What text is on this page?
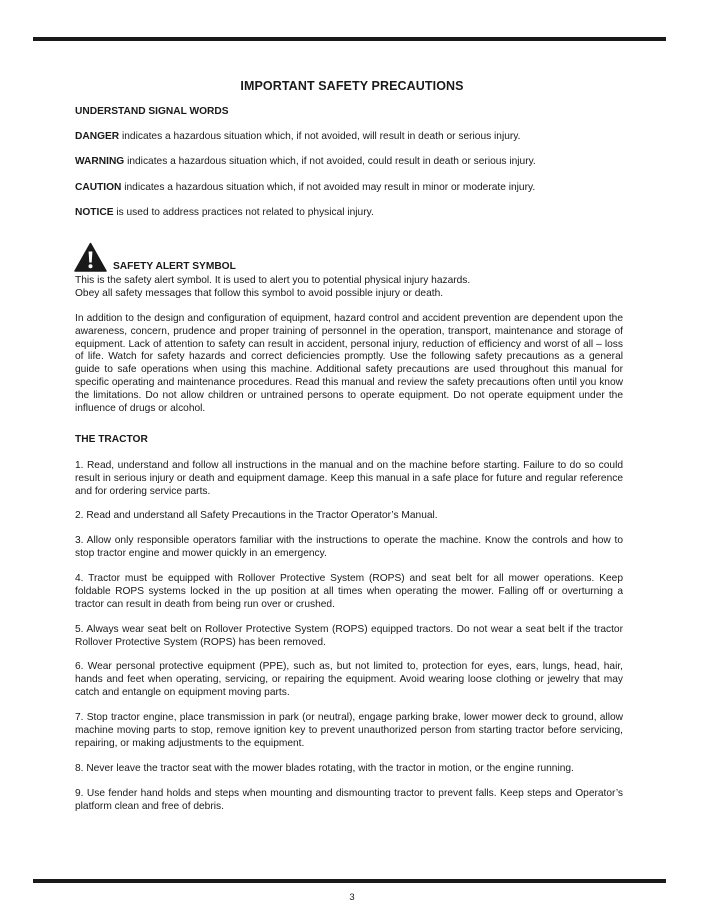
IMPORTANT SAFETY PRECAUTIONS

UNDERSTAND SIGNAL WORDS

DANGER indicates a hazardous situation which, if not avoided, will result in death or serious injury.

WARNING indicates a hazardous situation which, if not avoided, could result in death or serious injury.

CAUTION indicates a hazardous situation which, if not avoided may result in minor or moderate injury.

NOTICE is used to address practices not related to physical injury.

SAFETY ALERT SYMBOL

This is the safety alert symbol. It is used to alert you to potential physical injury hazards.

Obey all safety messages that follow this symbol to avoid possible injury or death.

In addition to the design and configuration of equipment, hazard control and accident prevention are dependent upon the awareness, concern, prudence and proper training of personnel in the operation, transport, maintenance and storage of equipment. Lack of attention to safety can result in accident, personal injury, reduction of efficiency and worst of all – loss of life. Watch for safety hazards and correct deficiencies promptly. Use the following safety precautions as a general guide to safe operations when using this machine. Additional safety precautions are used throughout this manual for specific operating and maintenance procedures. Read this manual and review the safety precautions often until you know the limitations. Do not allow children or untrained persons to operate equipment. Do not operate equipment under the influence of drugs or alcohol.

THE TRACTOR

1. Read, understand and follow all instructions in the manual and on the machine before starting. Failure to do so could result in serious injury or death and equipment damage. Keep this manual in a safe place for future and regular reference and for ordering service parts.

2. Read and understand all Safety Precautions in the Tractor Operator’s Manual.

3. Allow only responsible operators familiar with the instructions to operate the machine. Know the controls and how to stop tractor engine and mower quickly in an emergency.

4. Tractor must be equipped with Rollover Protective System (ROPS) and seat belt for all mower operations. Keep foldable ROPS systems locked in the up position at all times when operating the mower. Falling off or overturning a tractor can result in death from being run over or crushed.

5. Always wear seat belt on Rollover Protective System (ROPS) equipped tractors. Do not wear a seat belt if the tractor Rollover Protective System (ROPS) has been removed.

6. Wear personal protective equipment (PPE), such as, but not limited to, protection for eyes, ears, lungs, head, hair, hands and feet when operating, servicing, or repairing the equipment. Avoid wearing loose clothing or jewelry that may catch and entangle on equipment moving parts.

7. Stop tractor engine, place transmission in park (or neutral), engage parking brake, lower mower deck to ground, allow machine moving parts to stop, remove ignition key to prevent unauthorized person from starting tractor before servicing, repairing, or making adjustments to the equipment.

8. Never leave the tractor seat with the mower blades rotating, with the tractor in motion, or the engine running.

9. Use fender hand holds and steps when mounting and dismounting tractor to prevent falls. Keep steps and Operator’s platform clean and free of debris.

3
